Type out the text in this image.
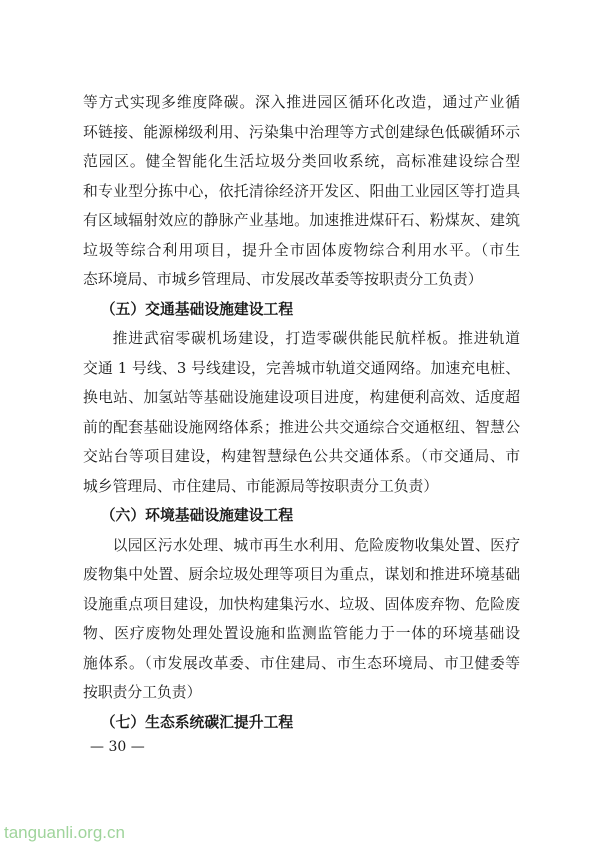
等方式实现多维度降碳。深入推进园区循环化改造，通过产业循
环链接、能源梯级利用、污染集中治理等方式创建绿色低碳循环示
范园区。健全智能化生活垃圾分类回收系统，高标准建设综合型
和专业型分拣中心，依托清徐经济开发区、阳曲工业园区等打造具
有区域辐射效应的静脉产业基地。加速推进煤矸石、粉煤灰、建筑
垃圾等综合利用项目，提升全市固体废物综合利用水平。（市生
态环境局、市城乡管理局、市发展改革委等按职责分工负责）
（五）交通基础设施建设工程
推进武宿零碳机场建设，打造零碳供能民航样板。推进轨道
交通 1 号线、3 号线建设，完善城市轨道交通网络。加速充电桩、
换电站、加氢站等基础设施建设项目进度，构建便利高效、适度超
前的配套基础设施网络体系；推进公共交通综合交通枢纽、智慧公
交站台等项目建设，构建智慧绿色公共交通体系。（市交通局、市
城乡管理局、市住建局、市能源局等按职责分工负责）
（六）环境基础设施建设工程
以园区污水处理、城市再生水利用、危险废物收集处置、医疗
废物集中处置、厨余垃圾处理等项目为重点，谋划和推进环境基础
设施重点项目建设，加快构建集污水、垃圾、固体废弃物、危险废
物、医疗废物处理处置设施和监测监管能力于一体的环境基础设
施体系。（市发展改革委、市住建局、市生态环境局、市卫健委等
按职责分工负责）
（七）生态系统碳汇提升工程
— 30 —
tanguanli.org.cn
